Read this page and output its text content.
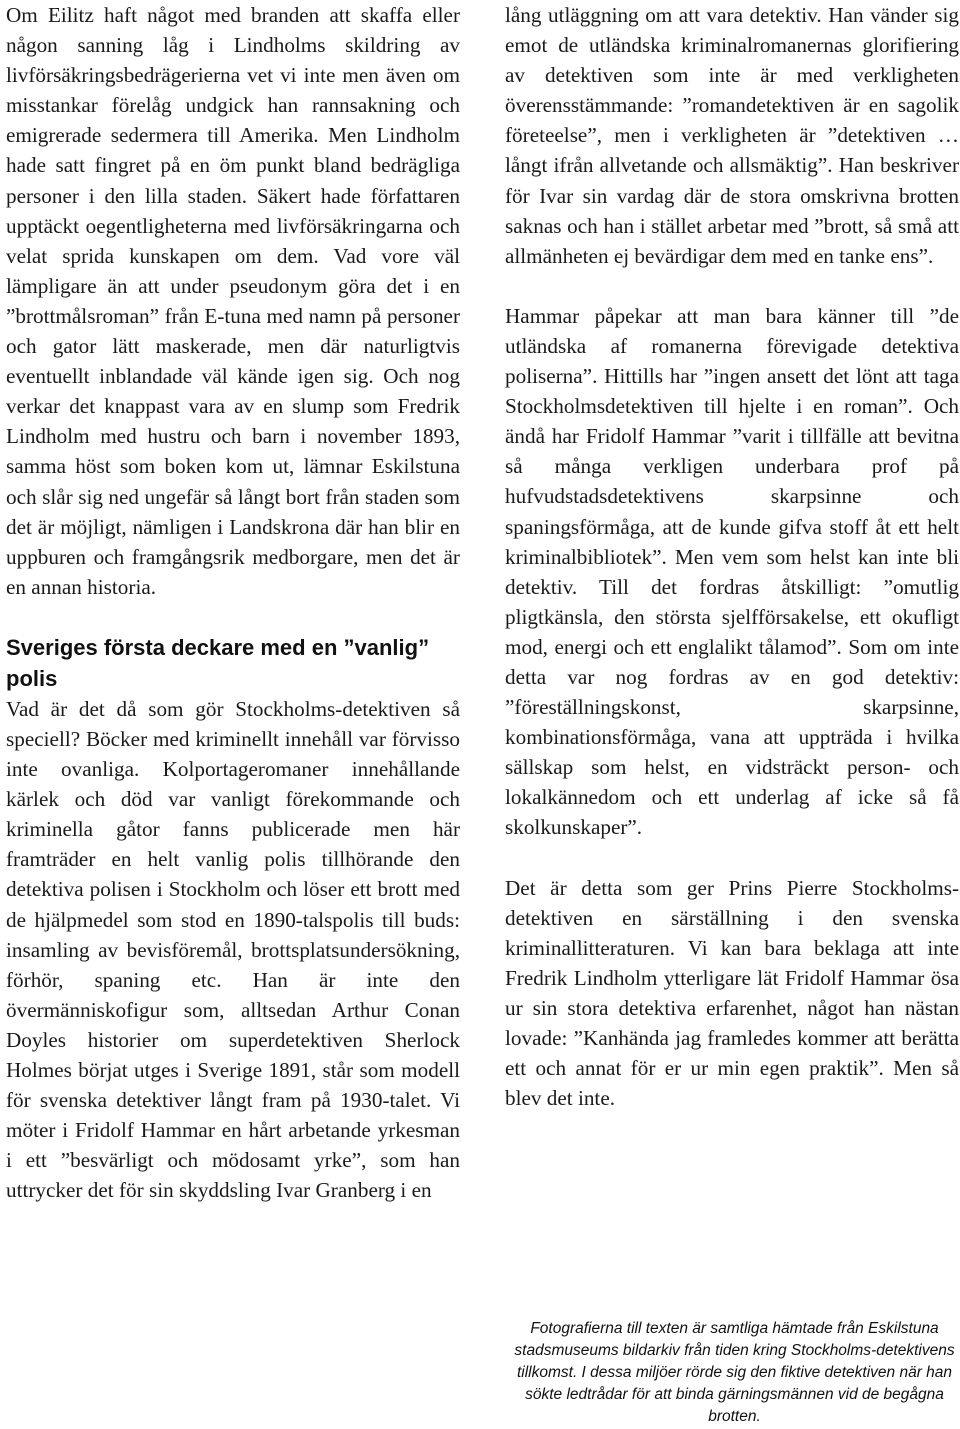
Om Eilitz haft något med branden att skaffa eller någon sanning låg i Lindholms skildring av livförsäkringsbedrägerierna vet vi inte men även om misstankar förelåg undgick han rannsakning och emigrerade sedermera till Amerika. Men Lindholm hade satt fingret på en öm punkt bland bedrägliga personer i den lilla staden. Säkert hade författaren upptäckt oegentligheterna med livförsäkringarna och velat sprida kunskapen om dem. Vad vore väl lämpligare än att under pseudonym göra det i en ”brottmålsroman” från E-tuna med namn på personer och gator lätt maskerade, men där naturligtvis eventuellt inblandade väl kände igen sig. Och nog verkar det knappast vara av en slump som Fredrik Lindholm med hustru och barn i november 1893, samma höst som boken kom ut, lämnar Eskilstuna och slår sig ned ungefär så långt bort från staden som det är möjligt, nämligen i Landskrona där han blir en uppburen och framgångsrik medborgare, men det är en annan historia.

Sveriges första deckare med en ”vanlig” polis

Vad är det då som gör Stockholms-detektiven så speciell? Böcker med kriminellt innehåll var förvisso inte ovanliga. Kolportageromaner innehållande kärlek och död var vanligt förekommande och kriminella gåtor fanns publicerade men här framträder en helt vanlig polis tillhörande den detektiva polisen i Stockholm och löser ett brott med de hjälpmedel som stod en 1890-talspolis till buds: insamling av bevisföremål, brottsplatsundersökning, förhör, spaning etc. Han är inte den övermänniskofigur som, alltsedan Arthur Conan Doyles historier om superdetektiven Sherlock Holmes börjat utges i Sverige 1891, står som modell för svenska detektiver långt fram på 1930-talet. Vi möter i Fridolf Hammar en hårt arbetande yrkesman i ett ”besvärligt och mödosamt yrke”, som han uttrycker det för sin skyddsling Ivar Granberg i en

lång utläggning om att vara detektiv. Han vänder sig emot de utländska kriminalromanernas glorifiering av detektiven som inte är med verkligheten överensstämmande: ”romandetektiven är en sagolik företeelse”, men i verkligheten är ”detektiven … långt ifrån allvetande och allsmäktig”. Han beskriver för Ivar sin vardag där de stora omskrivna brotten saknas och han i stället arbetar med ”brott, så små att allmänheten ej bevärdigar dem med en tanke ens”.

Hammar påpekar att man bara känner till ”de utländska af romanerna förevigade detektiva poliserna”. Hittills har ”ingen ansett det lönt att taga Stockholmsdetektiven till hjelte i en roman”. Och ändå har Fridolf Hammar ”varit i tillfälle att bevitna så många verkligen underbara prof på hufvudstadsdetektivens skarpsinne och spaningsförmåga, att de kunde gifva stoff åt ett helt kriminalbibliotek”. Men vem som helst kan inte bli detektiv. Till det fordras åtskilligt: ”omutlig pligtkänsla, den största sjelfförsakelse, ett okufligt mod, energi och ett englalikt tålamod”. Som om inte detta var nog fordras av en god detektiv: ”föreställningskonst, skarpsinne, kombinationsförmåga, vana att uppträda i hvilka sällskap som helst, en vidsträckt person- och lokalkännedom och ett underlag af icke så få skolkunskaper”.

Det är detta som ger Prins Pierre Stockholms-detektiven en särställning i den svenska kriminallitteraturen. Vi kan bara beklaga att inte Fredrik Lindholm ytterligare lät Fridolf Hammar ösa ur sin stora detektiva erfarenhet, något han nästan lovade: ”Kanhända jag framledes kommer att berätta ett och annat för er ur min egen praktik”. Men så blev det inte.

Fotografierna till texten är samtliga hämtade från Eskilstuna stadsmuseums bildarkiv från tiden kring Stockholms-detektivens tillkomst. I dessa miljöer rörde sig den fiktive detektiven när han sökte ledtrådar för att binda gärningsmännen vid de begågna brotten.
